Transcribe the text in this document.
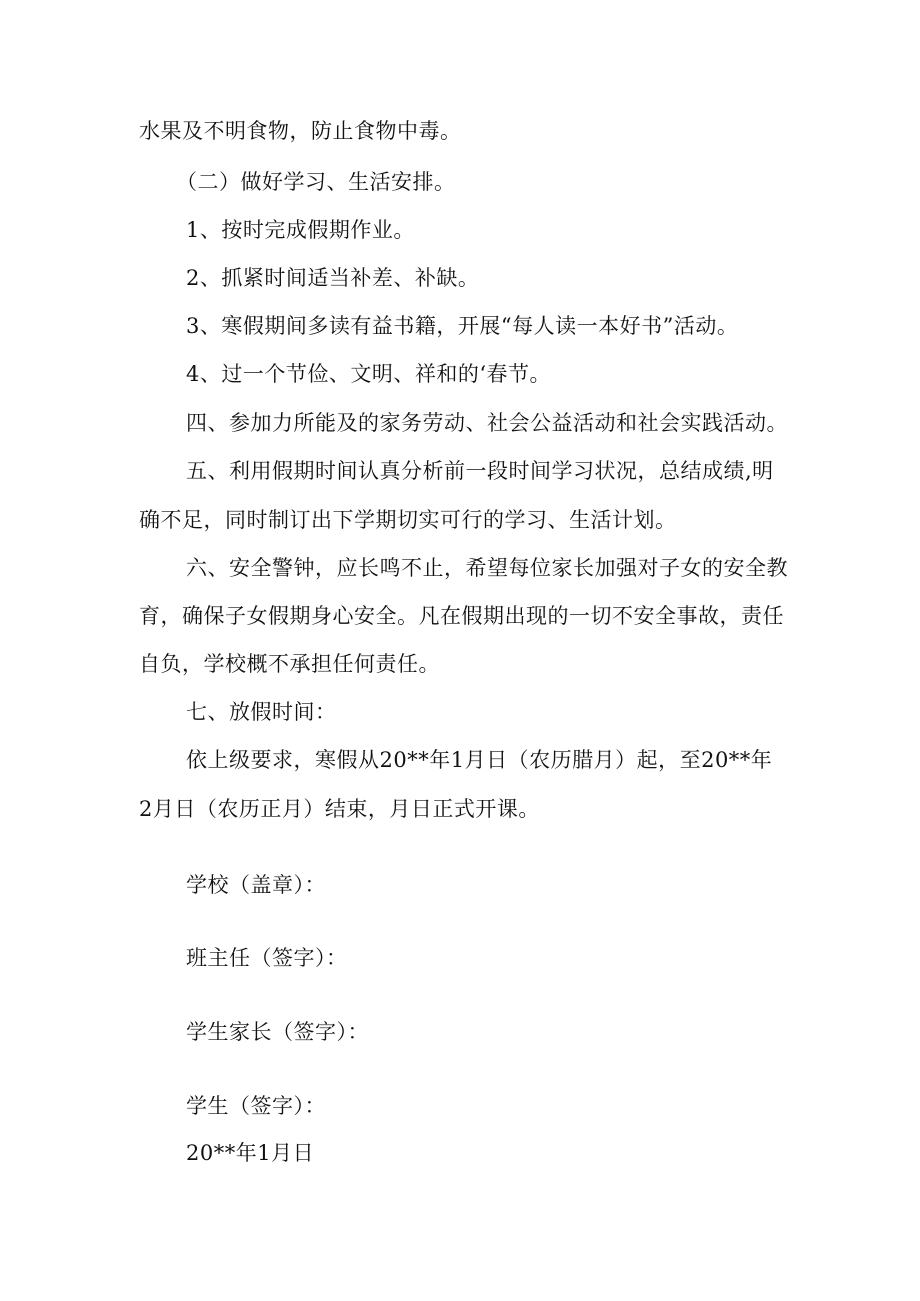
水果及不明食物，防止食物中毒。
（二）做好学习、生活安排。
1、按时完成假期作业。
2、抓紧时间适当补差、补缺。
3、寒假期间多读有益书籍，开展“每人读一本好书”活动。
4、过一个节俭、文明、祥和的‘春节。
四、参加力所能及的家务劳动、社会公益活动和社会实践活动。
五、利用假期时间认真分析前一段时间学习状况，总结成绩,明
确不足，同时制订出下学期切实可行的学习、生活计划。
六、安全警钟，应长鸣不止，希望每位家长加强对子女的安全教
育，确保子女假期身心安全。凡在假期出现的一切不安全事故，责任
自负，学校概不承担任何责任。
七、放假时间：
依上级要求，寒假从20**年1月日（农历腊月）起，至20**年
2月日（农历正月）结束，月日正式开课。
学校（盖章）：
班主任（签字）：
学生家长（签字）：
学生（签字）：
20**年1月日
